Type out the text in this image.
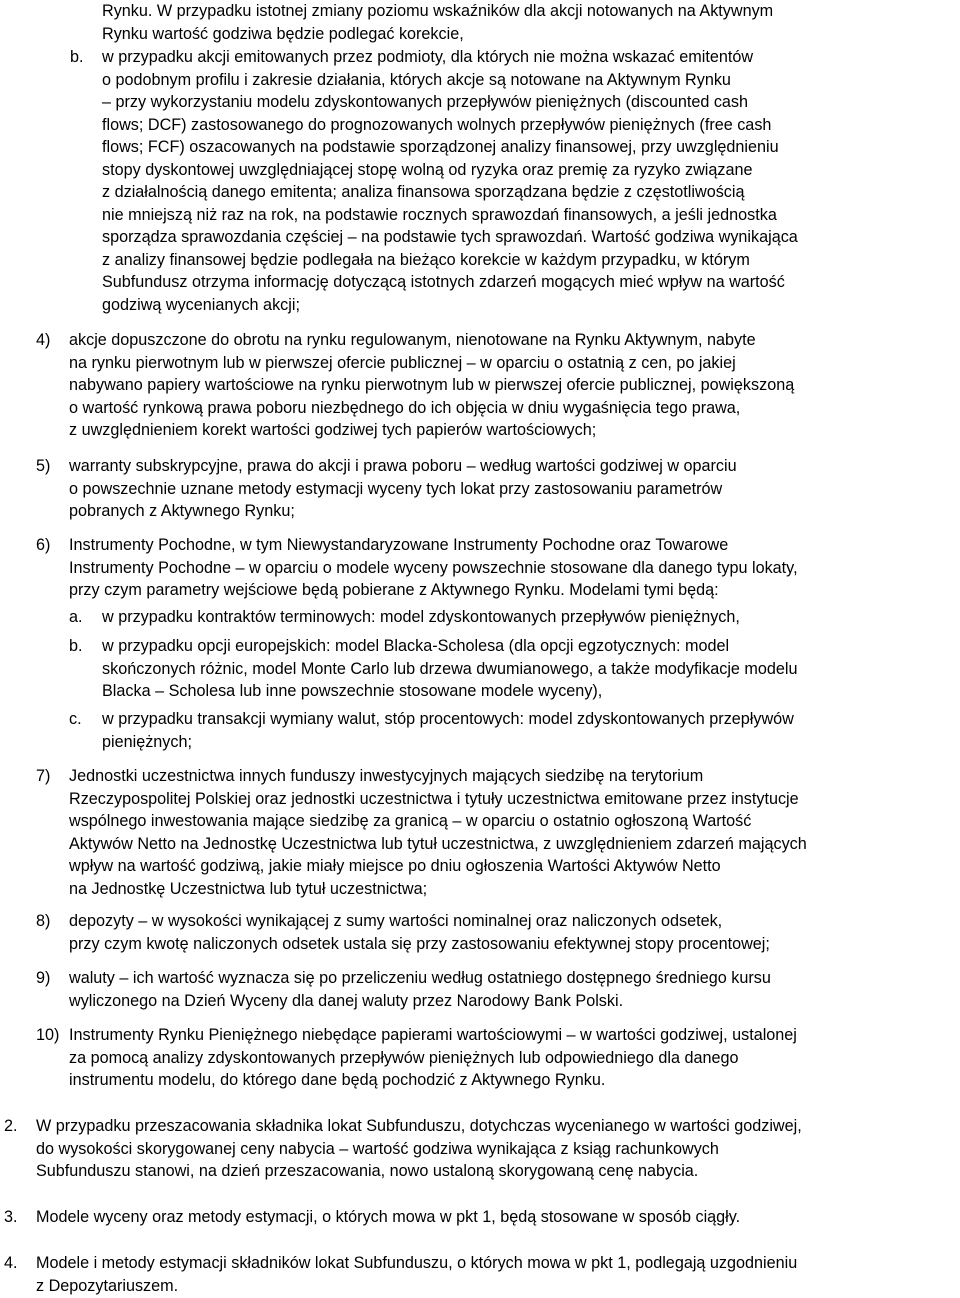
Rynku. W przypadku istotnej zmiany poziomu wskaźników dla akcji notowanych na Aktywnym
Rynku wartość godziwa będzie podlegać korekcie,
b. w przypadku akcji emitowanych przez podmioty, dla których nie można wskazać emitentów
o podobnym profilu i zakresie działania, których akcje są notowane na Aktywnym Rynku
– przy wykorzystaniu modelu zdyskontowanych przepływów pieniężnych (discounted cash
flows; DCF) zastosowanego do prognozowanych wolnych przepływów pieniężnych (free cash
flows; FCF) oszacowanych na podstawie sporządzonej analizy finansowej, przy uwzględnieniu
stopy dyskontowej uwzględniającej stopę wolną od ryzyka oraz premię za ryzyko związane
z działalnością danego emitenta; analiza finansowa sporządzana będzie z częstotliwością
nie mniejszą niż raz na rok, na podstawie rocznych sprawozdań finansowych, a jeśli jednostka
sporządza sprawozdania częściej – na podstawie tych sprawozdań. Wartość godziwa wynikająca
z analizy finansowej będzie podlegała na bieżąco korekcie w każdym przypadku, w którym
Subfundusz otrzyma informację dotyczącą istotnych zdarzeń mogących mieć wpływ na wartość
godziwą wycenianych akcji;
4) akcje dopuszczone do obrotu na rynku regulowanym, nienotowane na Rynku Aktywnym, nabyte
na rynku pierwotnym lub w pierwszej ofercie publicznej – w oparciu o ostatnią z cen, po jakiej
nabywano papiery wartościowe na rynku pierwotnym lub w pierwszej ofercie publicznej, powiększoną
o wartość rynkową prawa poboru niezbędnego do ich objęcia w dniu wygaśnięcia tego prawa,
z uwzględnieniem korekt wartości godziwej tych papierów wartościowych;
5) warranty subskrypcyjne, prawa do akcji i prawa poboru – według wartości godziwej w oparciu
o powszechnie uznane metody estymacji wyceny tych lokat przy zastosowaniu parametrów
pobranych z Aktywnego Rynku;
6) Instrumenty Pochodne, w tym Niewystandaryzowane Instrumenty Pochodne oraz Towarowe
Instrumenty Pochodne – w oparciu o modele wyceny powszechnie stosowane dla danego typu lokaty,
przy czym parametry wejściowe będą pobierane z Aktywnego Rynku. Modelami tymi będą:
a. w przypadku kontraktów terminowych: model zdyskontowanych przepływów pieniężnych,
b. w przypadku opcji europejskich: model Blacka-Scholesa (dla opcji egzotycznych: model
skończonych różnic, model Monte Carlo lub drzewa dwumianowego, a także modyfikacje modelu
Blacka – Scholesa lub inne powszechnie stosowane modele wyceny),
c. w przypadku transakcji wymiany walut, stóp procentowych: model zdyskontowanych przepływów
pieniężnych;
7) Jednostki uczestnictwa innych funduszy inwestycyjnych mających siedzibę na terytorium
Rzeczypospolitej Polskiej oraz jednostki uczestnictwa i tytuły uczestnictwa emitowane przez instytucje
wspólnego inwestowania mające siedzibę za granicą – w oparciu o ostatnio ogłoszoną Wartość
Aktywów Netto na Jednostkę Uczestnictwa lub tytuł uczestnictwa, z uwzględnieniem zdarzeń mających
wpływ na wartość godziwą, jakie miały miejsce po dniu ogłoszenia Wartości Aktywów Netto
na Jednostkę Uczestnictwa lub tytuł uczestnictwa;
8) depozyty – w wysokości wynikającej z sumy wartości nominalnej oraz naliczonych odsetek,
przy czym kwotę naliczonych odsetek ustala się przy zastosowaniu efektywnej stopy procentowej;
9) waluty – ich wartość wyznacza się po przeliczeniu według ostatniego dostępnego średniego kursu
wyliczonego na Dzień Wyceny dla danej waluty przez Narodowy Bank Polski.
10) Instrumenty Rynku Pieniężnego niebędące papierami wartościowymi – w wartości godziwej, ustalonej
za pomocą analizy zdyskontowanych przepływów pieniężnych lub odpowiedniego dla danego
instrumentu modelu, do którego dane będą pochodzić z Aktywnego Rynku.
2. W przypadku przeszacowania składnika lokat Subfunduszu, dotychczas wycenianego w wartości godziwej,
do wysokości skorygowanej ceny nabycia – wartość godziwa wynikająca z ksiąg rachunkowych
Subfunduszu stanowi, na dzień przeszacowania, nowo ustaloną skorygowaną cenę nabycia.
3. Modele wyceny oraz metody estymacji, o których mowa w pkt 1, będą stosowane w sposób ciągły.
4. Modele i metody estymacji składników lokat Subfunduszu, o których mowa w pkt 1, podlegają uzgodnieniu
z Depozytariuszem.
